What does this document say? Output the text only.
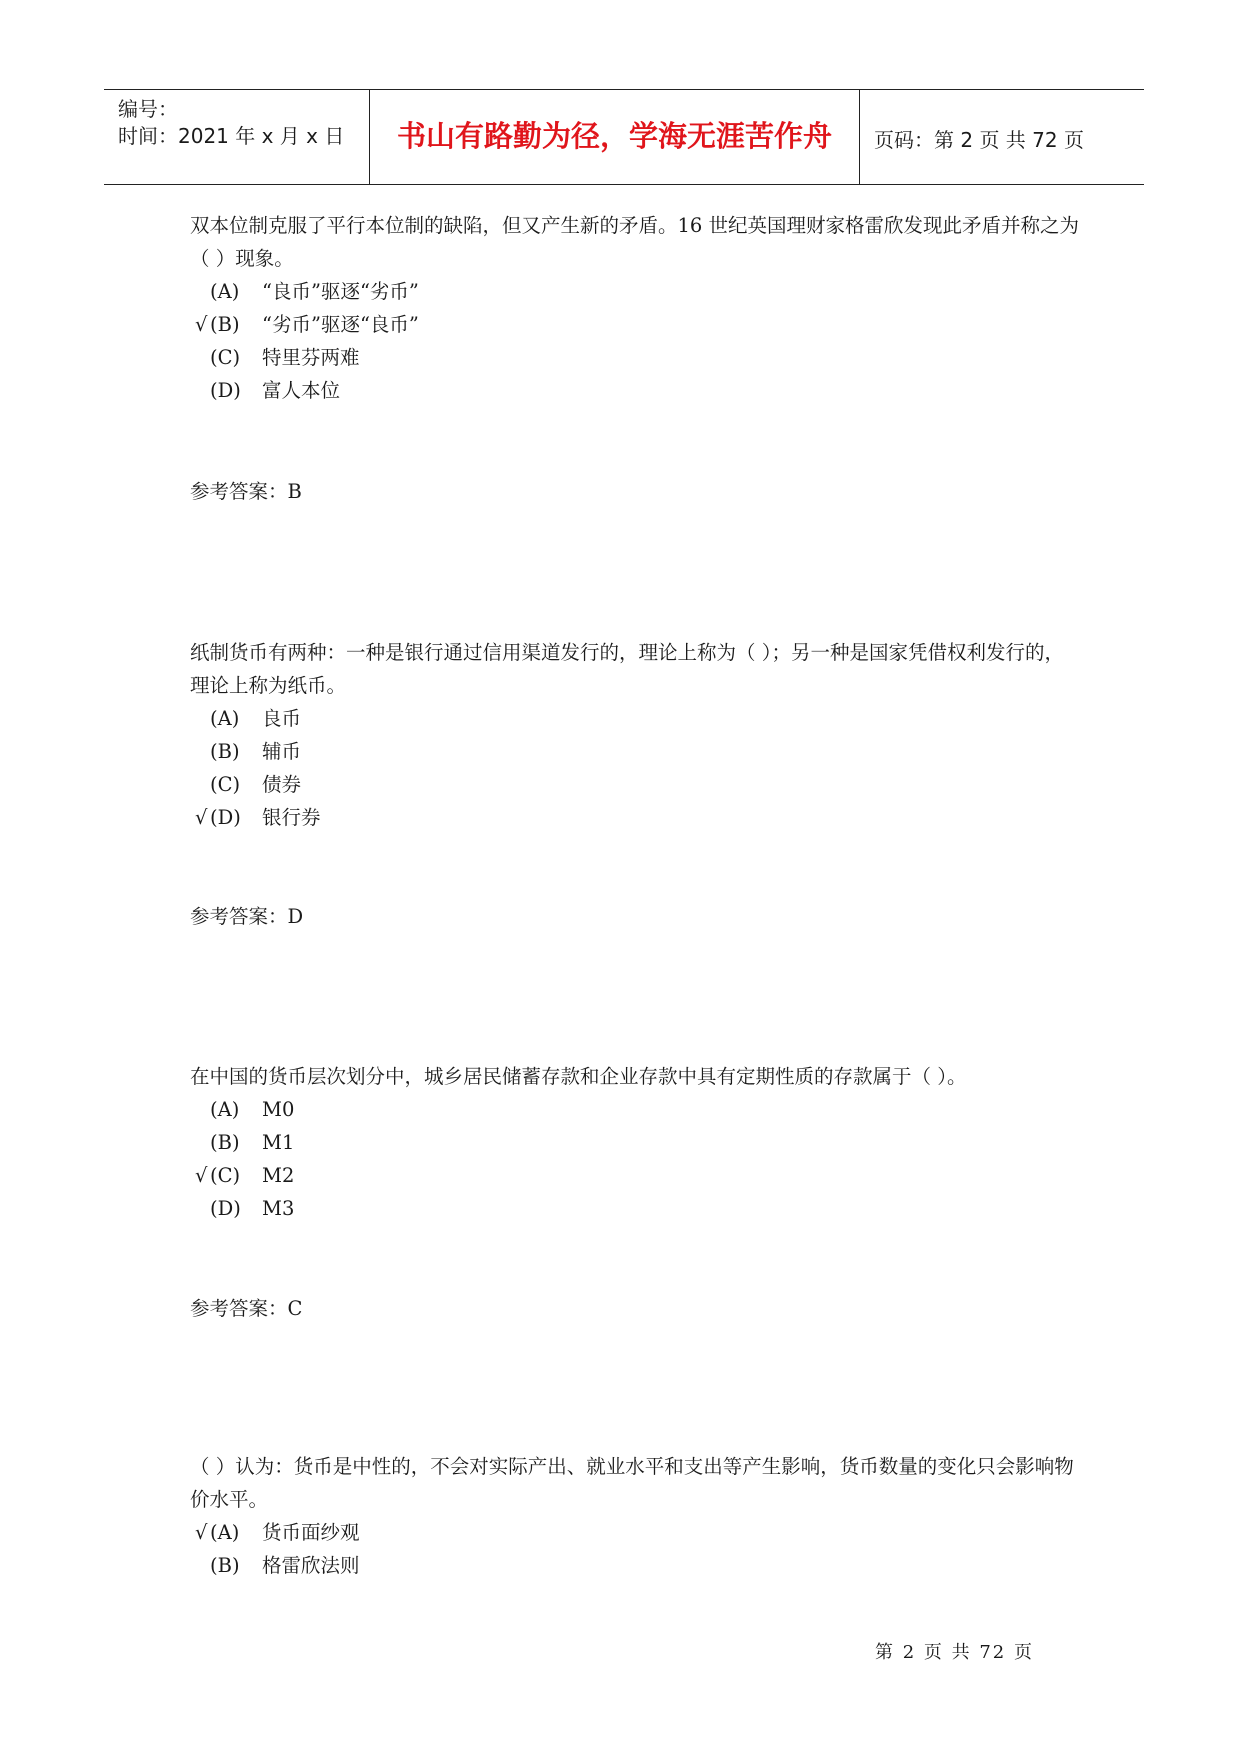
编号：
时间：2021 年 x 月 x 日	书山有路勤为径，学海无涯苦作舟	页码：第 2 页 共 72 页

双本位制克服了平行本位制的缺陷，但又产生新的矛盾。16 世纪英国理财家格雷欣发现此矛盾并称之为（ ）现象。

(A) “良币”驱逐“劣币”
√ (B) “劣币”驱逐“良币”
(C) 特里芬两难
(D) 富人本位
参考答案：B

纸制货币有两种：一种是银行通过信用渠道发行的，理论上称为（ ）；另一种是国家凭借权利发行的，理论上称为纸币。

(A) 良币
(B) 辅币
(C) 债券
√ (D) 银行券
参考答案：D

在中国的货币层次划分中，城乡居民储蓄存款和企业存款中具有定期性质的存款属于（ ）。

(A) M0
(B) M1
√ (C) M2
(D) M3
参考答案：C

（ ）认为：货币是中性的，不会对实际产出、就业水平和支出等产生影响，货币数量的变化只会影响物价水平。

√ (A) 货币面纱观
(B) 格雷欣法则
第 2 页 共 72 页
